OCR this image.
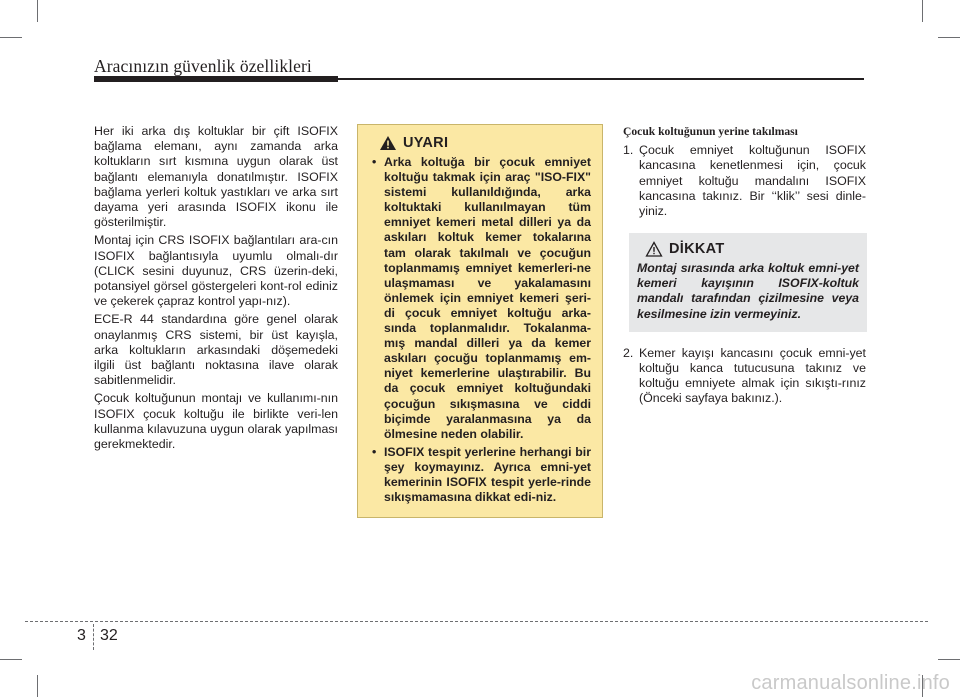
Aracınızın güvenlik özellikleri

Her iki arka dış koltuklar bir çift ISOFIX bağlama elemanı, aynı zamanda arka koltukların sırt kısmına uygun olarak üst bağlantı elemanıyla donatılmıştır. ISOFIX bağlama yerleri koltuk yastıkları ve arka sırt dayama yeri arasında ISOFIX ikonu ile gösterilmiştir.

Montaj için CRS ISOFIX bağlantıları ara-cın ISOFIX bağlantısıyla uyumlu olmalı-dır (CLICK sesini duyunuz, CRS üzerin-deki, potansiyel görsel göstergeleri kont-rol ediniz ve çekerek çapraz kontrol yapı-nız).

ECE-R 44 standardına göre genel olarak onaylanmış CRS sistemi, bir üst kayışla, arka koltukların arkasındaki döşemedeki ilgili üst bağlantı noktasına ilave olarak sabitlenmelidir.

Çocuk koltuğunun montajı ve kullanımı-nın ISOFIX çocuk koltuğu ile birlikte veri-len kullanma kılavuzuna uygun olarak yapılması gerekmektedir.

UYARI
• Arka koltuğa bir çocuk emniyet koltuğu takmak için araç "ISO-FIX" sistemi kullanıldığında, arka koltuktaki kullanılmayan tüm emniyet kemeri metal dilleri ya da askıları koltuk kemer tokalarına tam olarak takılmalı ve çocuğun toplanmamış emniyet kemerleri-ne ulaşmaması ve yakalamasını önlemek için emniyet kemeri şeri-di çocuk emniyet koltuğu arka-sında toplanmalıdır. Tokalanma-mış mandal dilleri ya da kemer askıları çocuğu toplanmamış em-niyet kemerlerine ulaştırabilir. Bu da çocuk emniyet koltuğundaki çocuğun sıkışmasına ve ciddi biçimde yaralanmasına ya da ölmesine neden olabilir.
• ISOFIX tespit yerlerine herhangi bir şey koymayınız. Ayrıca emni-yet kemerinin ISOFIX tespit yerle-rinde sıkışmamasına dikkat edi-niz.
Çocuk koltuğunun yerine takılması
1. Çocuk emniyet koltuğunun ISOFIX kancasına kenetlenmesi için, çocuk emniyet koltuğu mandalını ISOFIX kancasına takınız. Bir ‘‘klik’’ sesi dinle-yiniz.
DİKKAT
Montaj sırasında arka koltuk emni-yet kemeri kayışının ISOFIX-koltuk mandalı tarafından çizilmesine veya kesilmesine izin vermeyiniz.
2. Kemer kayışı kancasını çocuk emni-yet koltuğu kanca tutucusuna takınız ve koltuğu emniyete almak için sıkıştı-rınız (Önceki sayfaya bakınız.).
3 32
carmanualsonline.info
